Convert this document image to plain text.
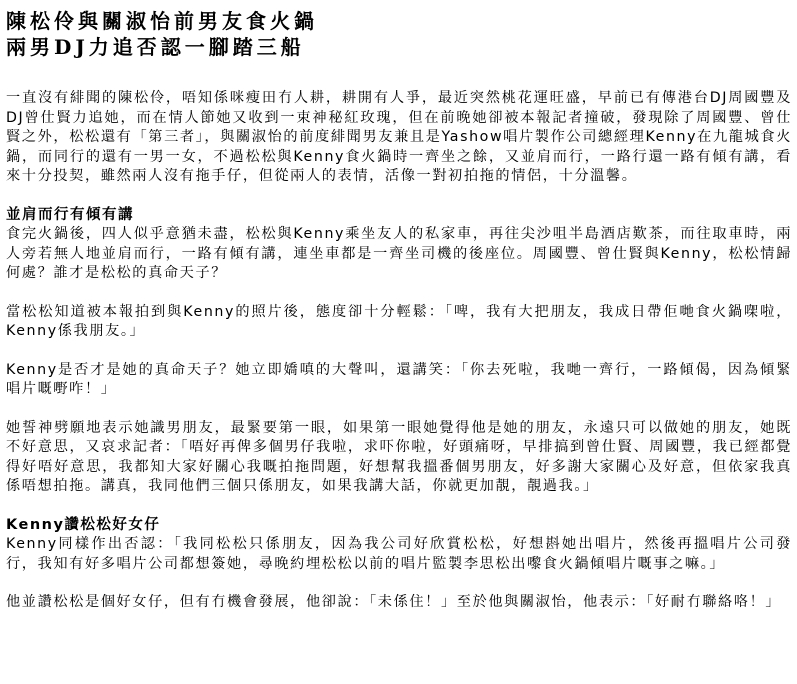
陳松伶與關淑怡前男友食火鍋
兩男DJ力追否認一腳踏三船

一直沒有緋聞的陳松伶，唔知係咪瘦田冇人耕，耕開有人爭，最近突然桃花運旺盛，早前已有傳港台DJ周國豐及DJ曾仕賢力追她，而在情人節她又收到一束神秘紅玫瑰，但在前晚她卻被本報記者撞破，發現除了周國豐、曾仕賢之外，松松還有「第三者」，與關淑怡的前度緋聞男友兼且是Yashow唱片製作公司總經理Kenny在九龍城食火鍋，而同行的還有一男一女，不過松松與Kenny食火鍋時一齊坐之餘，又並肩而行，一路行還一路有傾有講，看來十分投契，雖然兩人沒有拖手仔，但從兩人的表情，活像一對初拍拖的情侶，十分溫馨。

並肩而行有傾有講

食完火鍋後，四人似乎意猶未盡，松松與Kenny乘坐友人的私家車，再往尖沙咀半島酒店歎茶，而往取車時，兩人旁若無人地並肩而行，一路有傾有講，連坐車都是一齊坐司機的後座位。周國豐、曾仕賢與Kenny，松松情歸何處？誰才是松松的真命天子？

當松松知道被本報拍到與Kenny的照片後，態度卻十分輕鬆：「啤，我有大把朋友，我成日帶佢哋食火鍋㗎啦，Kenny係我朋友。」

Kenny是否才是她的真命天子？她立即嬌嗔的大聲叫，還講笑：「你去死啦，我哋一齊行，一路傾偈，因為傾緊唱片嘅嘢咋！」

她誓神劈願地表示她識男朋友，最緊要第一眼，如果第一眼她覺得他是她的朋友，永遠只可以做她的朋友，她既不好意思，又哀求記者：「唔好再俾多個男仔我啦，求吓你啦，好頭痛呀，早排搞到曾仕賢、周國豐，我已經都覺得好唔好意思，我都知大家好關心我嘅拍拖問題，好想幫我搵番個男朋友，好多謝大家關心及好意，但依家我真係唔想拍拖。講真，我同他們三個只係朋友，如果我講大話，你就更加靚，靚過我。」

Kenny讚松松好女仔

Kenny同樣作出否認：「我同松松只係朋友，因為我公司好欣賞松松，好想斟她出唱片，然後再搵唱片公司發行，我知有好多唱片公司都想簽她，尋晚約埋松松以前的唱片監製李思松出嚟食火鍋傾唱片嘅事之嘛。」

他並讚松松是個好女仔，但有冇機會發展，他卻說：「未係住！」至於他與關淑怡，他表示：「好耐冇聯絡咯！」
